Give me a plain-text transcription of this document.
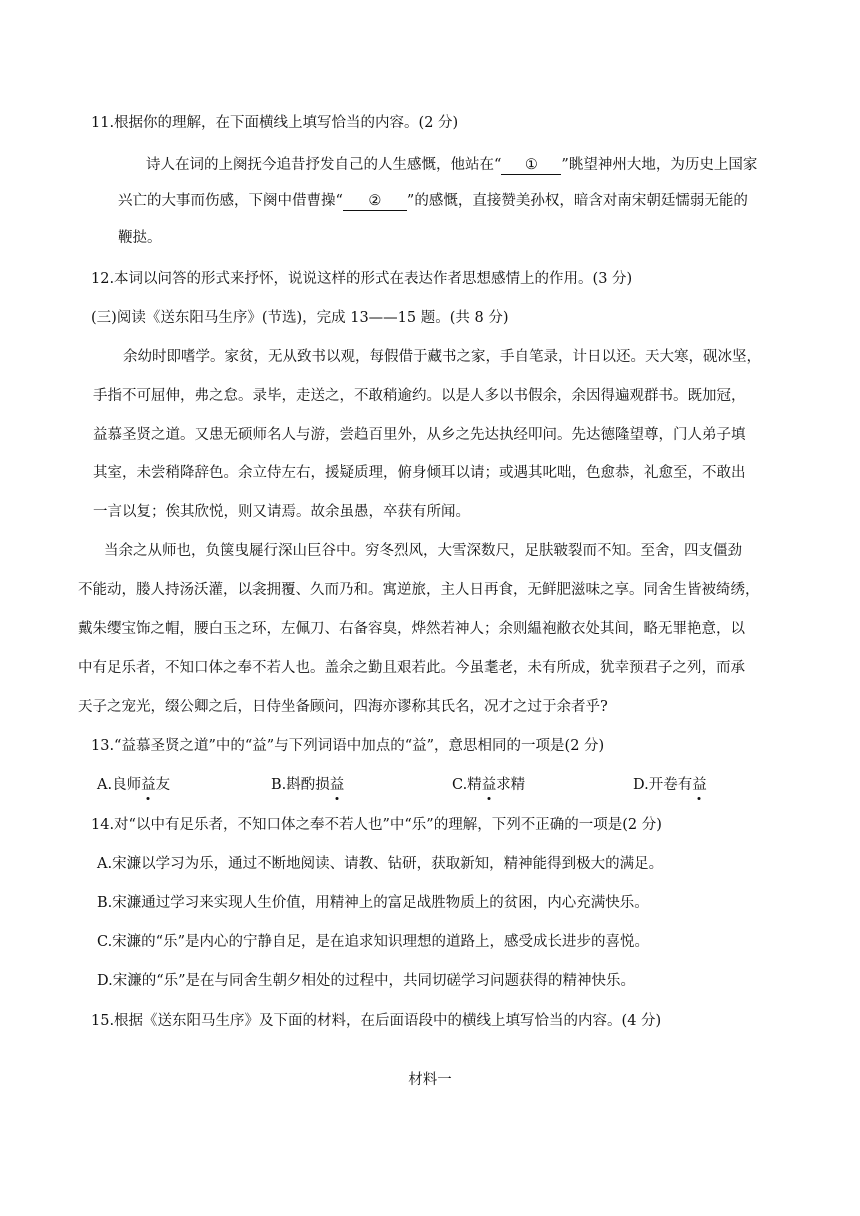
11.根据你的理解，在下面横线上填写恰当的内容。(2 分)
诗人在词的上阕抚今追昔抒发自己的人生感慨，他站在“ ① ”眺望神州大地，为历史上国家
兴亡的大事而伤感，下阕中借曹操“ ② ”的感慨，直接赞美孙权，暗含对南宋朝廷懦弱无能的
鞭挞。
12.本词以问答的形式来抒怀，说说这样的形式在表达作者思想感情上的作用。(3 分)
(三)阅读《送东阳马生序》(节选)，完成 13——15 题。(共 8 分)
余幼时即嗜学。家贫，无从致书以观，每假借于藏书之家，手自笔录，计日以还。天大寒，砚冰坚，
手指不可屈伸，弗之怠。录毕，走送之，不敢稍逾约。以是人多以书假余，余因得遍观群书。既加冠，
益慕圣贤之道。又患无硕师名人与游，尝趋百里外，从乡之先达执经叩问。先达德隆望尊，门人弟子填
其室，未尝稍降辞色。余立侍左右，援疑质理，俯身倾耳以请；或遇其叱咄，色愈恭，礼愈至，不敢出
一言以复；俟其欣悦，则又请焉。故余虽愚，卒获有所闻。
当余之从师也，负箧曳屣行深山巨谷中。穷冬烈风，大雪深数尺，足肤皲裂而不知。至舍，四支僵劲
不能动，媵人持汤沃灌，以衾拥覆、久而乃和。寓逆旅，主人日再食，无鲜肥滋味之享。同舍生皆被绮绣，
戴朱缨宝饰之帽，腰白玉之环，左佩刀、右备容臭，烨然若神人；余则緼袍敝衣处其间，略无罪艳意，以
中有足乐者，不知口体之奉不若人也。盖余之勤且艰若此。今虽耄老，未有所成，犹幸预君子之列，而承
天子之宠光，缀公卿之后，日侍坐备顾问，四海亦谬称其氏名，况才之过于余者乎?
13.“益慕圣贤之道”中的“益”与下列词语中加点的“益”，意思相同的一项是(2 分)
A.良师益友	B.斟酌损益	C.精益求精	D.开卷有益
14.对“以中有足乐者，不知口体之奉不若人也”中“乐”的理解，下列不正确的一项是(2 分)
A.宋濂以学习为乐，通过不断地阅读、请教、钻研，获取新知，精神能得到极大的满足。
B.宋濂通过学习来实现人生价值，用精神上的富足战胜物质上的贫困，内心充满快乐。
C.宋濂的“乐”是内心的宁静自足，是在追求知识理想的道路上，感受成长进步的喜悦。
D.宋濂的“乐”是在与同舍生朝夕相处的过程中，共同切磋学习问题获得的精神快乐。
15.根据《送东阳马生序》及下面的材料，在后面语段中的横线上填写恰当的内容。(4 分)
材料一
